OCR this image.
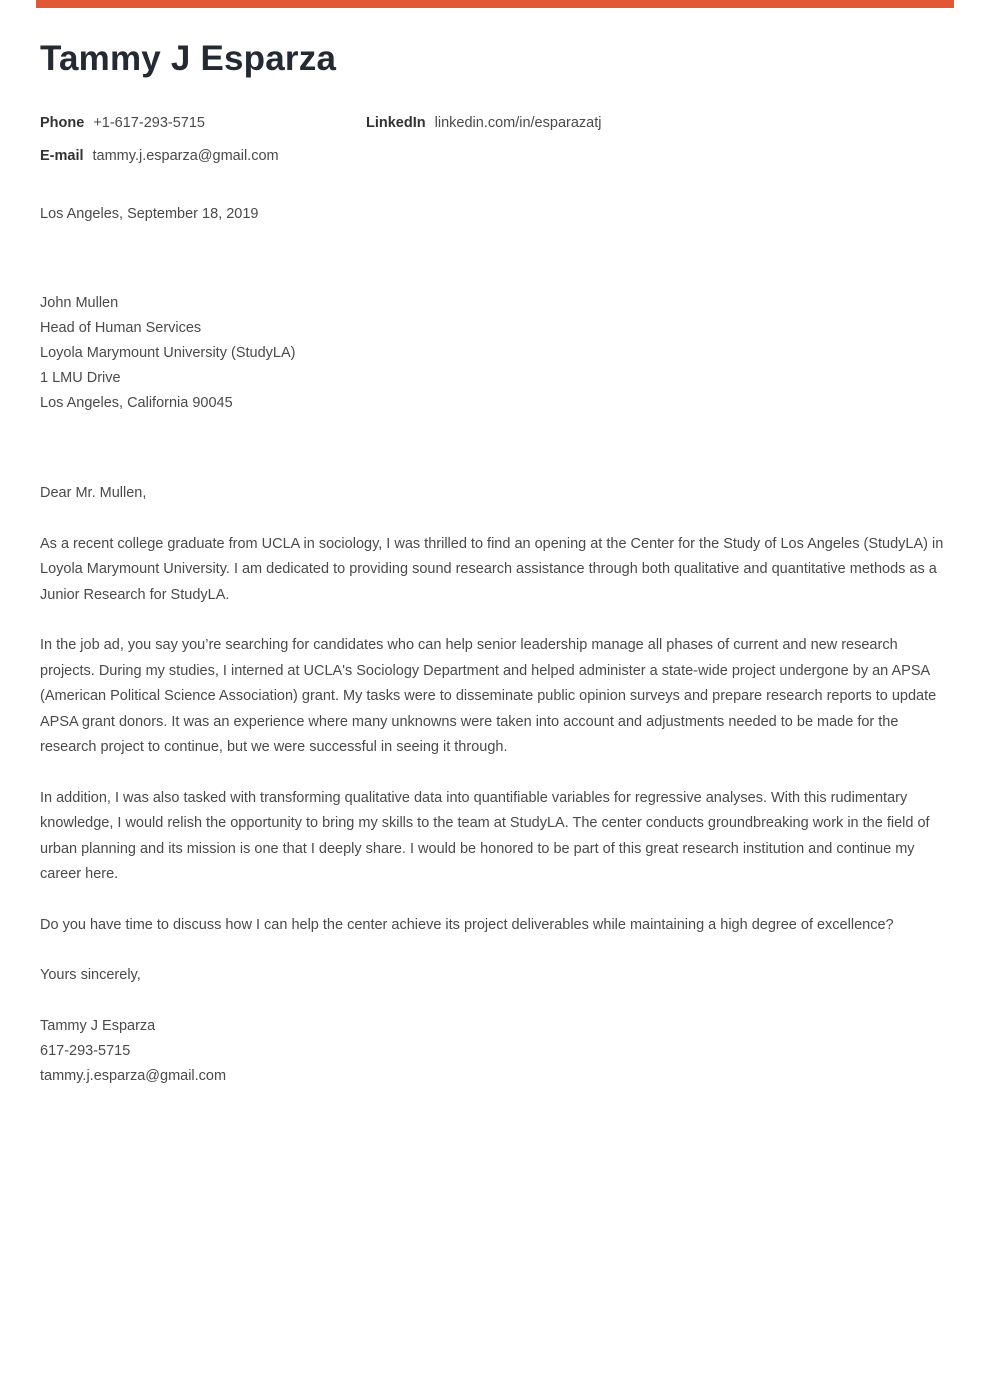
Tammy J Esparza
Phone +1-617-293-5715	LinkedIn linkedin.com/in/esparazatj
E-mail tammy.j.esparza@gmail.com
Los Angeles, September 18, 2019
John Mullen
Head of Human Services
Loyola Marymount University (StudyLA)
1 LMU Drive
Los Angeles, California 90045

Dear Mr. Mullen,

As a recent college graduate from UCLA in sociology, I was thrilled to find an opening at the Center for the Study of Los Angeles (StudyLA) in Loyola Marymount University. I am dedicated to providing sound research assistance through both qualitative and quantitative methods as a Junior Research for StudyLA.

In the job ad, you say you’re searching for candidates who can help senior leadership manage all phases of current and new research projects. During my studies, I interned at UCLA's Sociology Department and helped administer a state-wide project undergone by an APSA (American Political Science Association) grant. My tasks were to disseminate public opinion surveys and prepare research reports to update APSA grant donors. It was an experience where many unknowns were taken into account and adjustments needed to be made for the research project to continue, but we were successful in seeing it through.

In addition, I was also tasked with transforming qualitative data into quantifiable variables for regressive analyses. With this rudimentary knowledge, I would relish the opportunity to bring my skills to the team at StudyLA. The center conducts groundbreaking work in the field of urban planning and its mission is one that I deeply share. I would be honored to be part of this great research institution and continue my career here.

Do you have time to discuss how I can help the center achieve its project deliverables while maintaining a high degree of excellence?

Yours sincerely,

Tammy J Esparza
617-293-5715
tammy.j.esparza@gmail.com
